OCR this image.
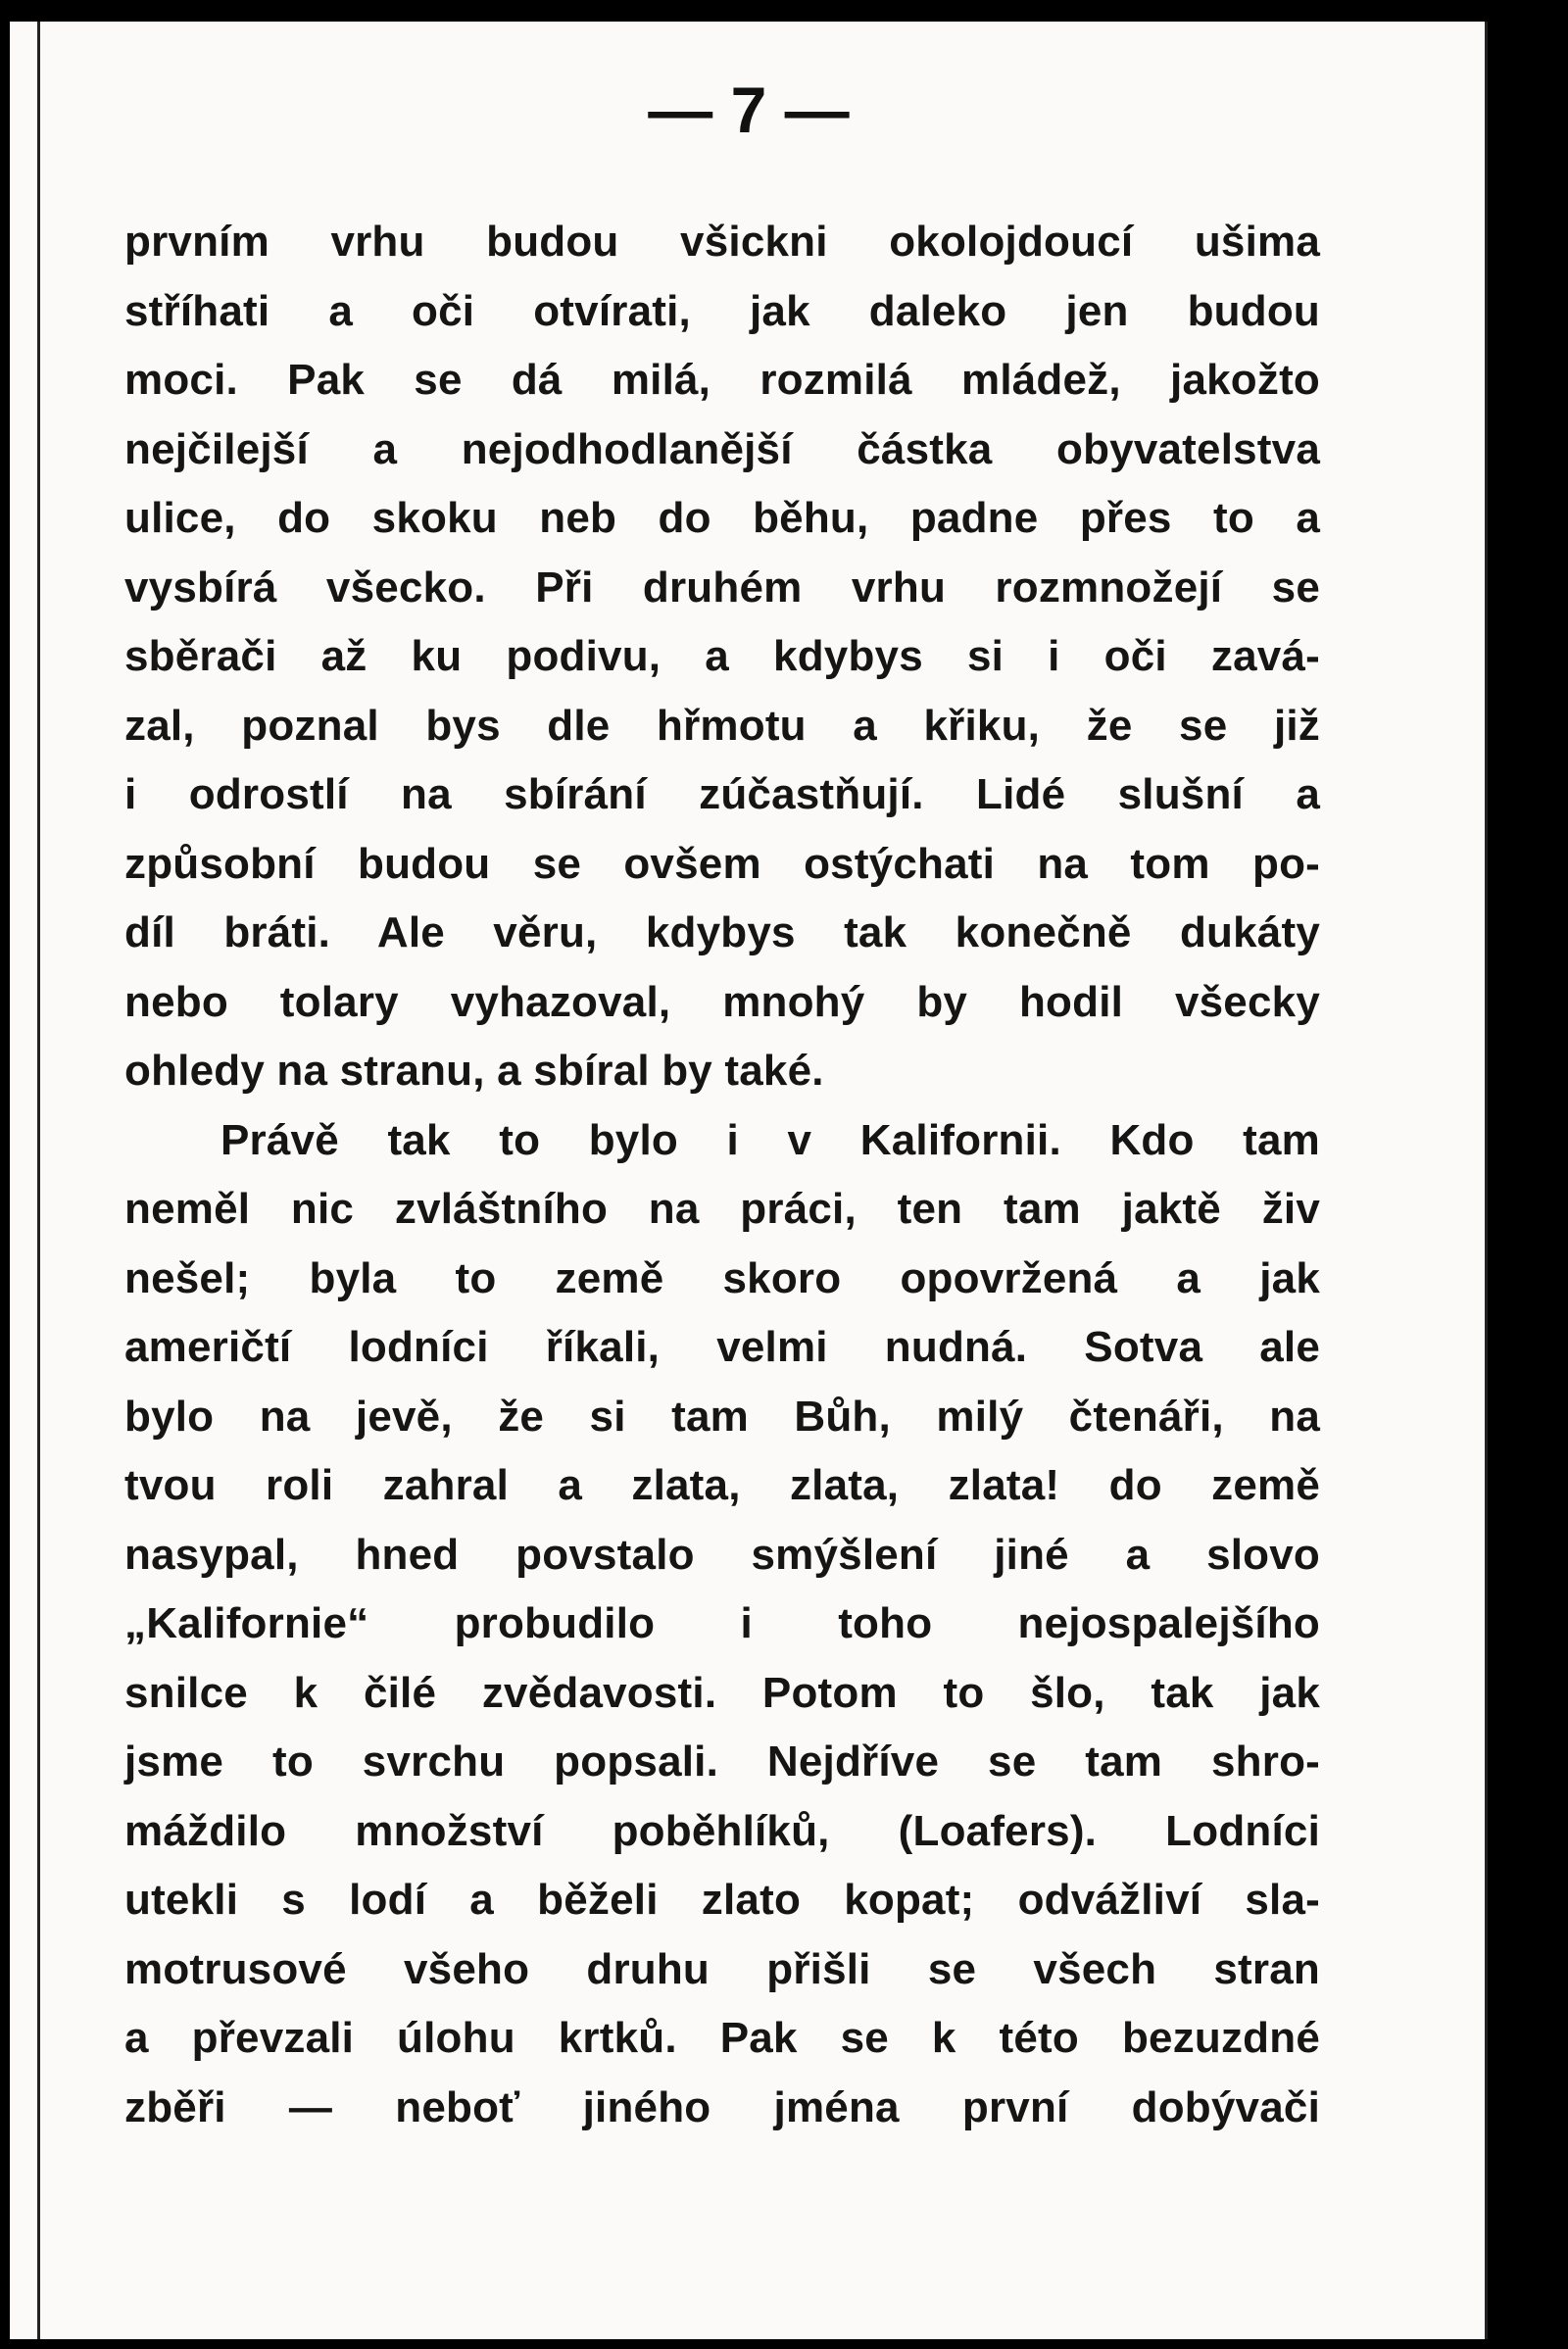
— 7 —
prvním vrhu budou všickni okolojdoucí ušima
stříhati a oči otvírati, jak daleko jen budou
moci. Pak se dá milá, rozmilá mládež, jakožto
nejčilejší a nejodhodlanější částka obyvatelstva
ulice, do skoku neb do běhu, padne přes to a
vysbírá všecko. Při druhém vrhu rozmnožejí se
sběrači až ku podivu, a kdybys si i oči zavá-
zal, poznal bys dle hřmotu a křiku, že se již
i odrostlí na sbírání zúčastňují. Lidé slušní a
způsobní budou se ovšem ostýchati na tom po-
díl bráti. Ale věru, kdybys tak konečně dukáty
nebo tolary vyhazoval, mnohý by hodil všecky
ohledy na stranu, a sbíral by také.
Právě tak to bylo i v Kalifornii. Kdo tam
neměl nic zvláštního na práci, ten tam jaktě živ
nešel; byla to země skoro opovržená a jak
američtí lodníci říkali, velmi nudná. Sotva ale
bylo na jevě, že si tam Bůh, milý čtenáři, na
tvou roli zahral a zlata, zlata, zlata! do země
nasypal, hned povstalo smýšlení jiné a slovo
„Kalifornie“ probudilo i toho nejospalejšího
snilce k čilé zvědavosti. Potom to šlo, tak jak
jsme to svrchu popsali. Nejdříve se tam shro-
máždilo množství poběhlíků, (Loafers). Lodníci
utekli s lodí a běželi zlato kopat; odvážliví sla-
motrusové všeho druhu přišli se všech stran
a převzali úlohu krtků. Pak se k této bezuzdné
zběři — neboť jiného jména první dobývači
